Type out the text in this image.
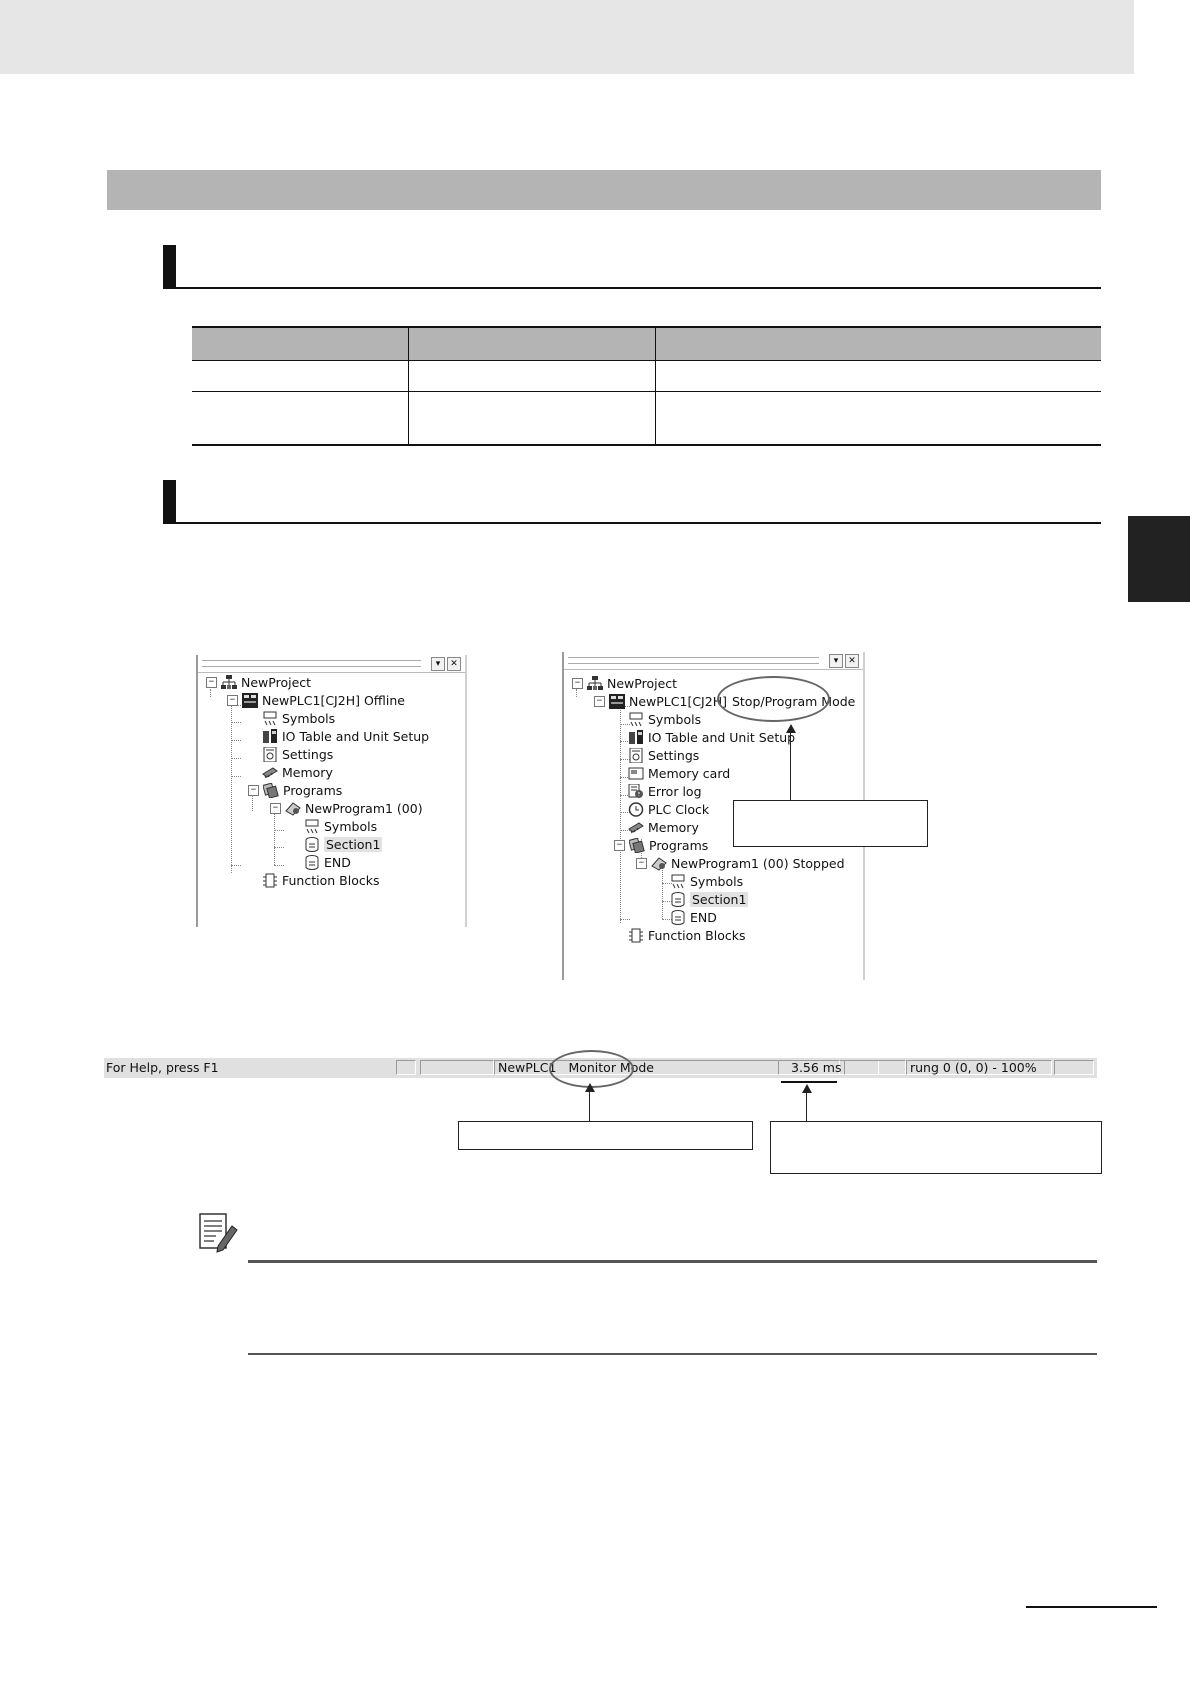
▾	✕
− NewProject
− NewPLC1[CJ2H] Offline
Symbols
IO Table and Unit Setup
Settings
Memory
− Programs
− NewProgram1 (00)
Symbols
Section1
END
Function Blocks
▾	✕
− NewProject
− NewPLC1[CJ2H] Stop/Program Mode
Symbols
IO Table and Unit Setup
Settings
Memory card
Error log
PLC Clock
Memory
− Programs
− NewProgram1 (00) Stopped
Symbols
Section1
END
Function Blocks
For Help, press F1	NewPLC1 Monitor Mode	3.56 ms	rung 0 (0, 0) - 100%
